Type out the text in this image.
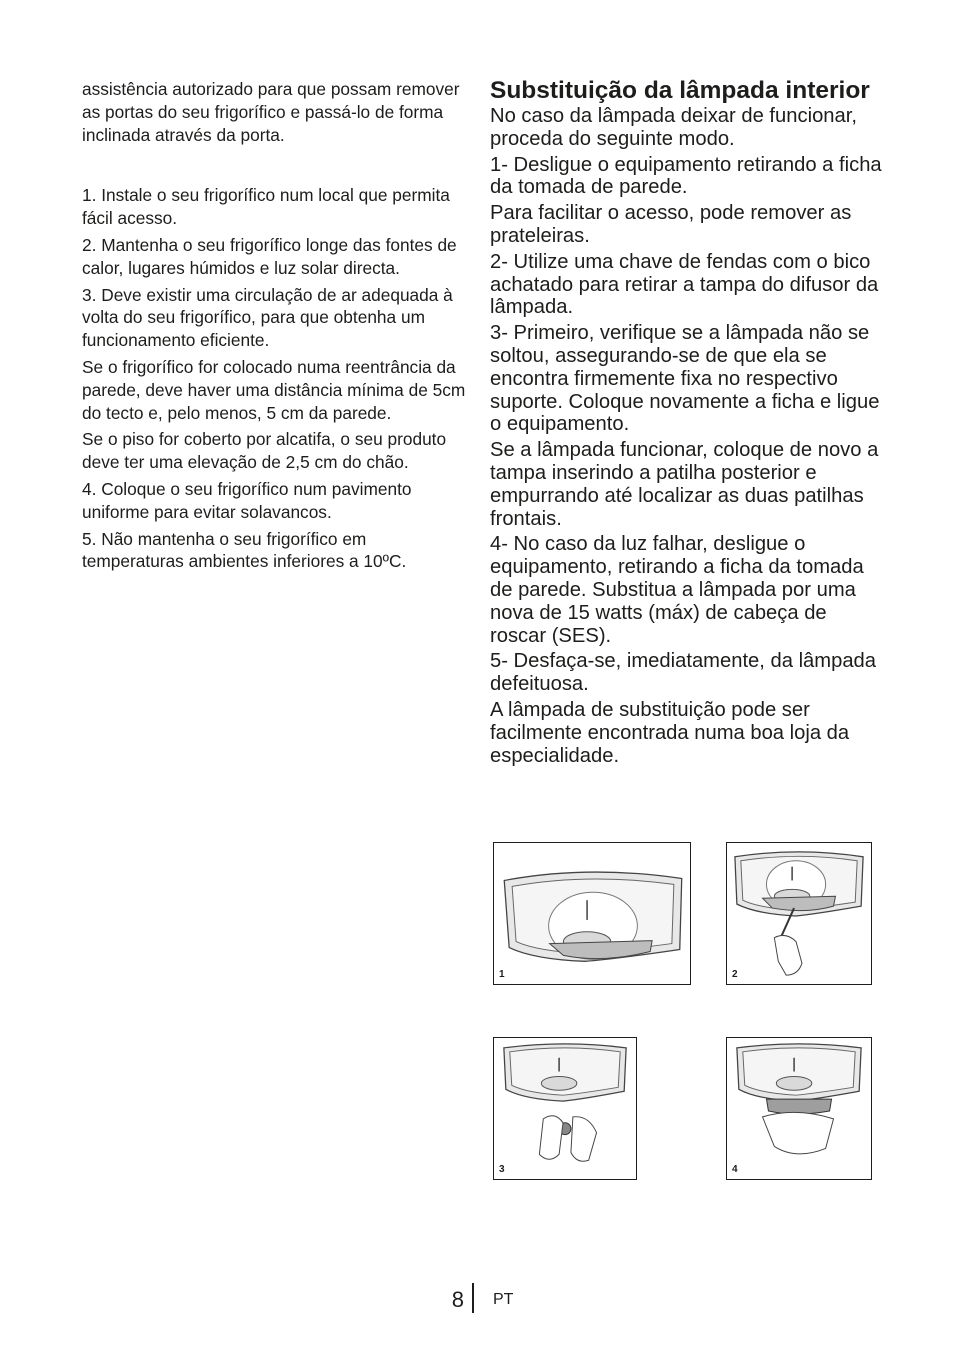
assistência autorizado para que possam remover as portas do seu frigorífico e passá-lo de forma inclinada através da porta.

1. Instale o seu frigorífico num local que permita fácil acesso.

2. Mantenha o seu frigorífico longe das fontes de calor, lugares húmidos e luz solar directa.

3. Deve existir uma circulação de ar adequada à volta do seu frigorífico, para que obtenha um funcionamento eficiente.

Se o frigorífico for colocado numa reentrância da parede, deve haver uma distância mínima de 5cm do tecto e, pelo menos, 5 cm da parede.

Se o piso for coberto por alcatifa, o seu produto deve ter uma elevação de 2,5 cm do chão.

4. Coloque o seu frigorífico num pavimento uniforme para evitar solavancos.

5. Não mantenha o seu frigorífico em temperaturas ambientes inferiores a 10ºC.

Substituição da lâmpada interior

No caso da lâmpada deixar de funcionar, proceda do seguinte modo.

1- Desligue o equipamento retirando a ficha da tomada de parede.

Para facilitar o acesso, pode remover as prateleiras.

2- Utilize uma chave de fendas com o bico achatado para retirar a tampa do difusor da lâmpada.

3- Primeiro, verifique se a lâmpada não se soltou, assegurando-se de que ela se encontra firmemente fixa no respectivo suporte. Coloque novamente a ficha e ligue o equipamento.

Se a lâmpada funcionar, coloque de novo a tampa inserindo a patilha posterior e empurrando até localizar as duas patilhas frontais.

4- No caso da luz falhar, desligue o equipamento, retirando a ficha da tomada de parede. Substitua a lâmpada por uma nova de 15 watts (máx) de cabeça de roscar (SES).

5- Desfaça-se, imediatamente, da lâmpada defeituosa.

A lâmpada de substituição pode ser facilmente encontrada numa boa loja da especialidade.

1	2
3	4
8 PT
